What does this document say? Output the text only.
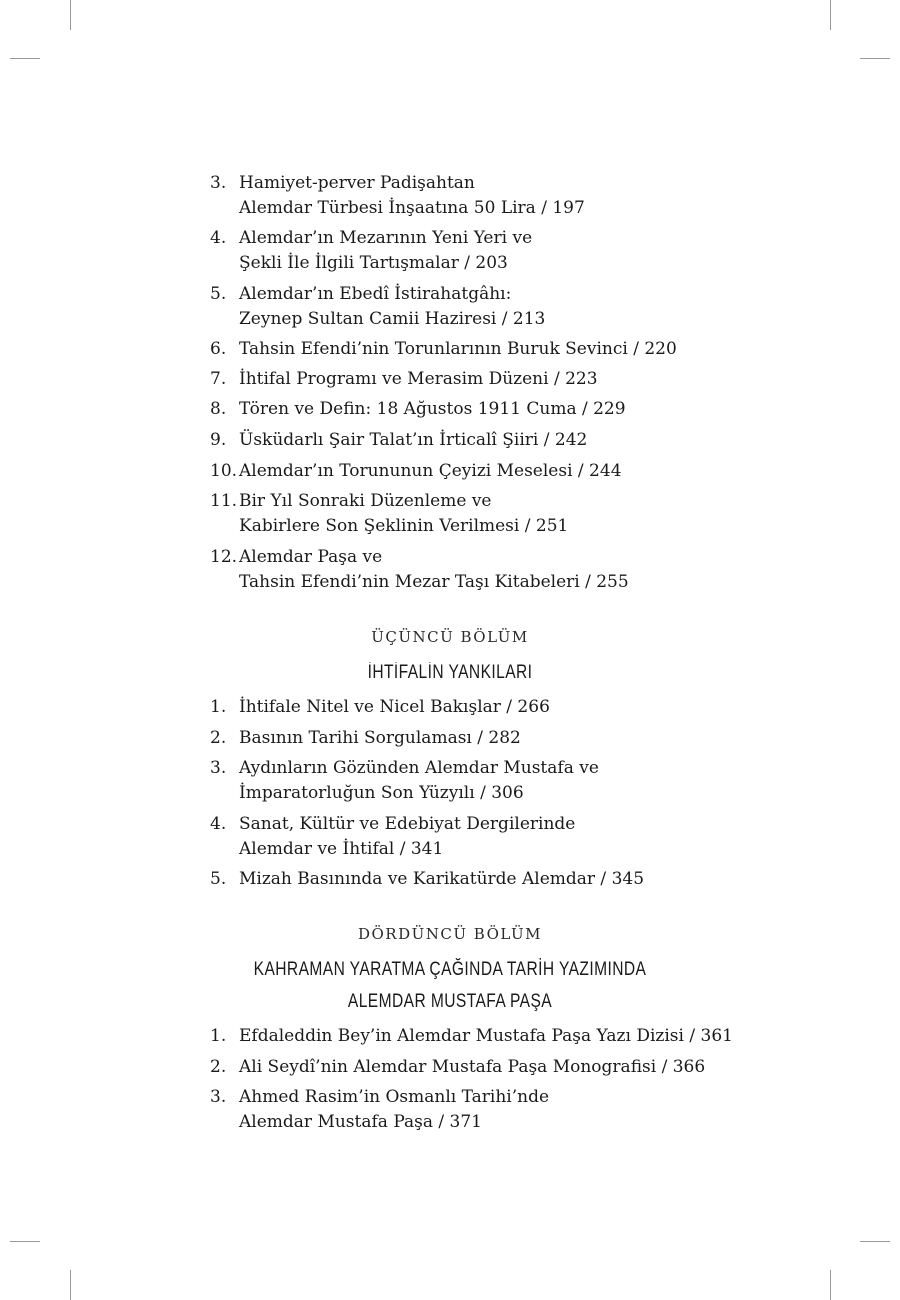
3. Hamiyet-perver Padişahtan
Alemdar Türbesi İnşaatına 50 Lira / 197
4. Alemdar’ın Mezarının Yeni Yeri ve
Şekli İle İlgili Tartışmalar / 203
5. Alemdar’ın Ebedî İstirahatgâhı:
Zeynep Sultan Camii Haziresi / 213
6. Tahsin Efendi’nin Torunlarının Buruk Sevinci / 220
7. İhtifal Programı ve Merasim Düzeni / 223
8. Tören ve Defin: 18 Ağustos 1911 Cuma / 229
9. Üsküdarlı Şair Talat’ın İrticalî Şiiri / 242
10. Alemdar’ın Torununun Çeyizi Meselesi / 244
11. Bir Yıl Sonraki Düzenleme ve
Kabirlere Son Şeklinin Verilmesi / 251
12. Alemdar Paşa ve
Tahsin Efendi’nin Mezar Taşı Kitabeleri / 255
ÜÇÜNCÜ BÖLÜM
İHTİFALİN YANKILARI
1. İhtifale Nitel ve Nicel Bakışlar / 266
2. Basının Tarihi Sorgulaması / 282
3. Aydınların Gözünden Alemdar Mustafa ve
İmparatorluğun Son Yüzyılı / 306
4. Sanat, Kültür ve Edebiyat Dergilerinde
Alemdar ve İhtifal / 341
5. Mizah Basınında ve Karikatürde Alemdar / 345
DÖRDÜNCÜ BÖLÜM
KAHRAMAN YARATMA ÇAĞINDA TARİH YAZIMINDA
ALEMDAR MUSTAFA PAŞA
1. Efdaleddin Bey’in Alemdar Mustafa Paşa Yazı Dizisi / 361
2. Ali Seydî’nin Alemdar Mustafa Paşa Monografisi / 366
3. Ahmed Rasim’in Osmanlı Tarihi’nde
Alemdar Mustafa Paşa / 371
